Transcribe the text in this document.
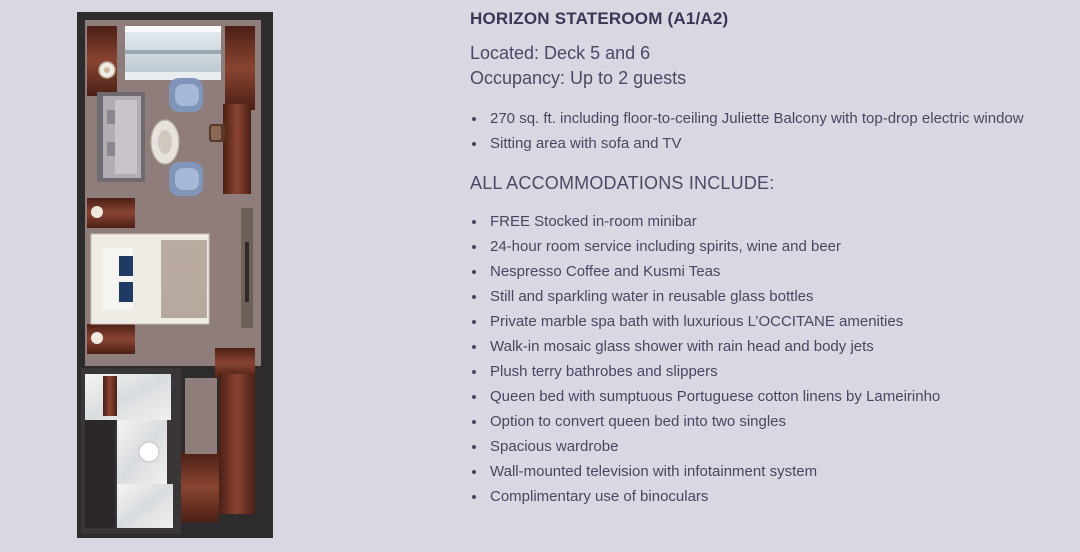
HORIZON STATEROOM (A1/A2)
Located: Deck 5 and 6
Occupancy: Up to 2 guests
270 sq. ft. including floor-to-ceiling Juliette Balcony with top-drop electric window
Sitting area with sofa and TV
ALL ACCOMMODATIONS INCLUDE:
FREE Stocked in-room minibar
24-hour room service including spirits, wine and beer
Nespresso Coffee and Kusmi Teas
Still and sparkling water in reusable glass bottles
Private marble spa bath with luxurious L’OCCITANE amenities
Walk-in mosaic glass shower with rain head and body jets
Plush terry bathrobes and slippers
Queen bed with sumptuous Portuguese cotton linens by Lameirinho
Option to convert queen bed into two singles
Spacious wardrobe
Wall-mounted television with infotainment system
Complimentary use of binoculars
